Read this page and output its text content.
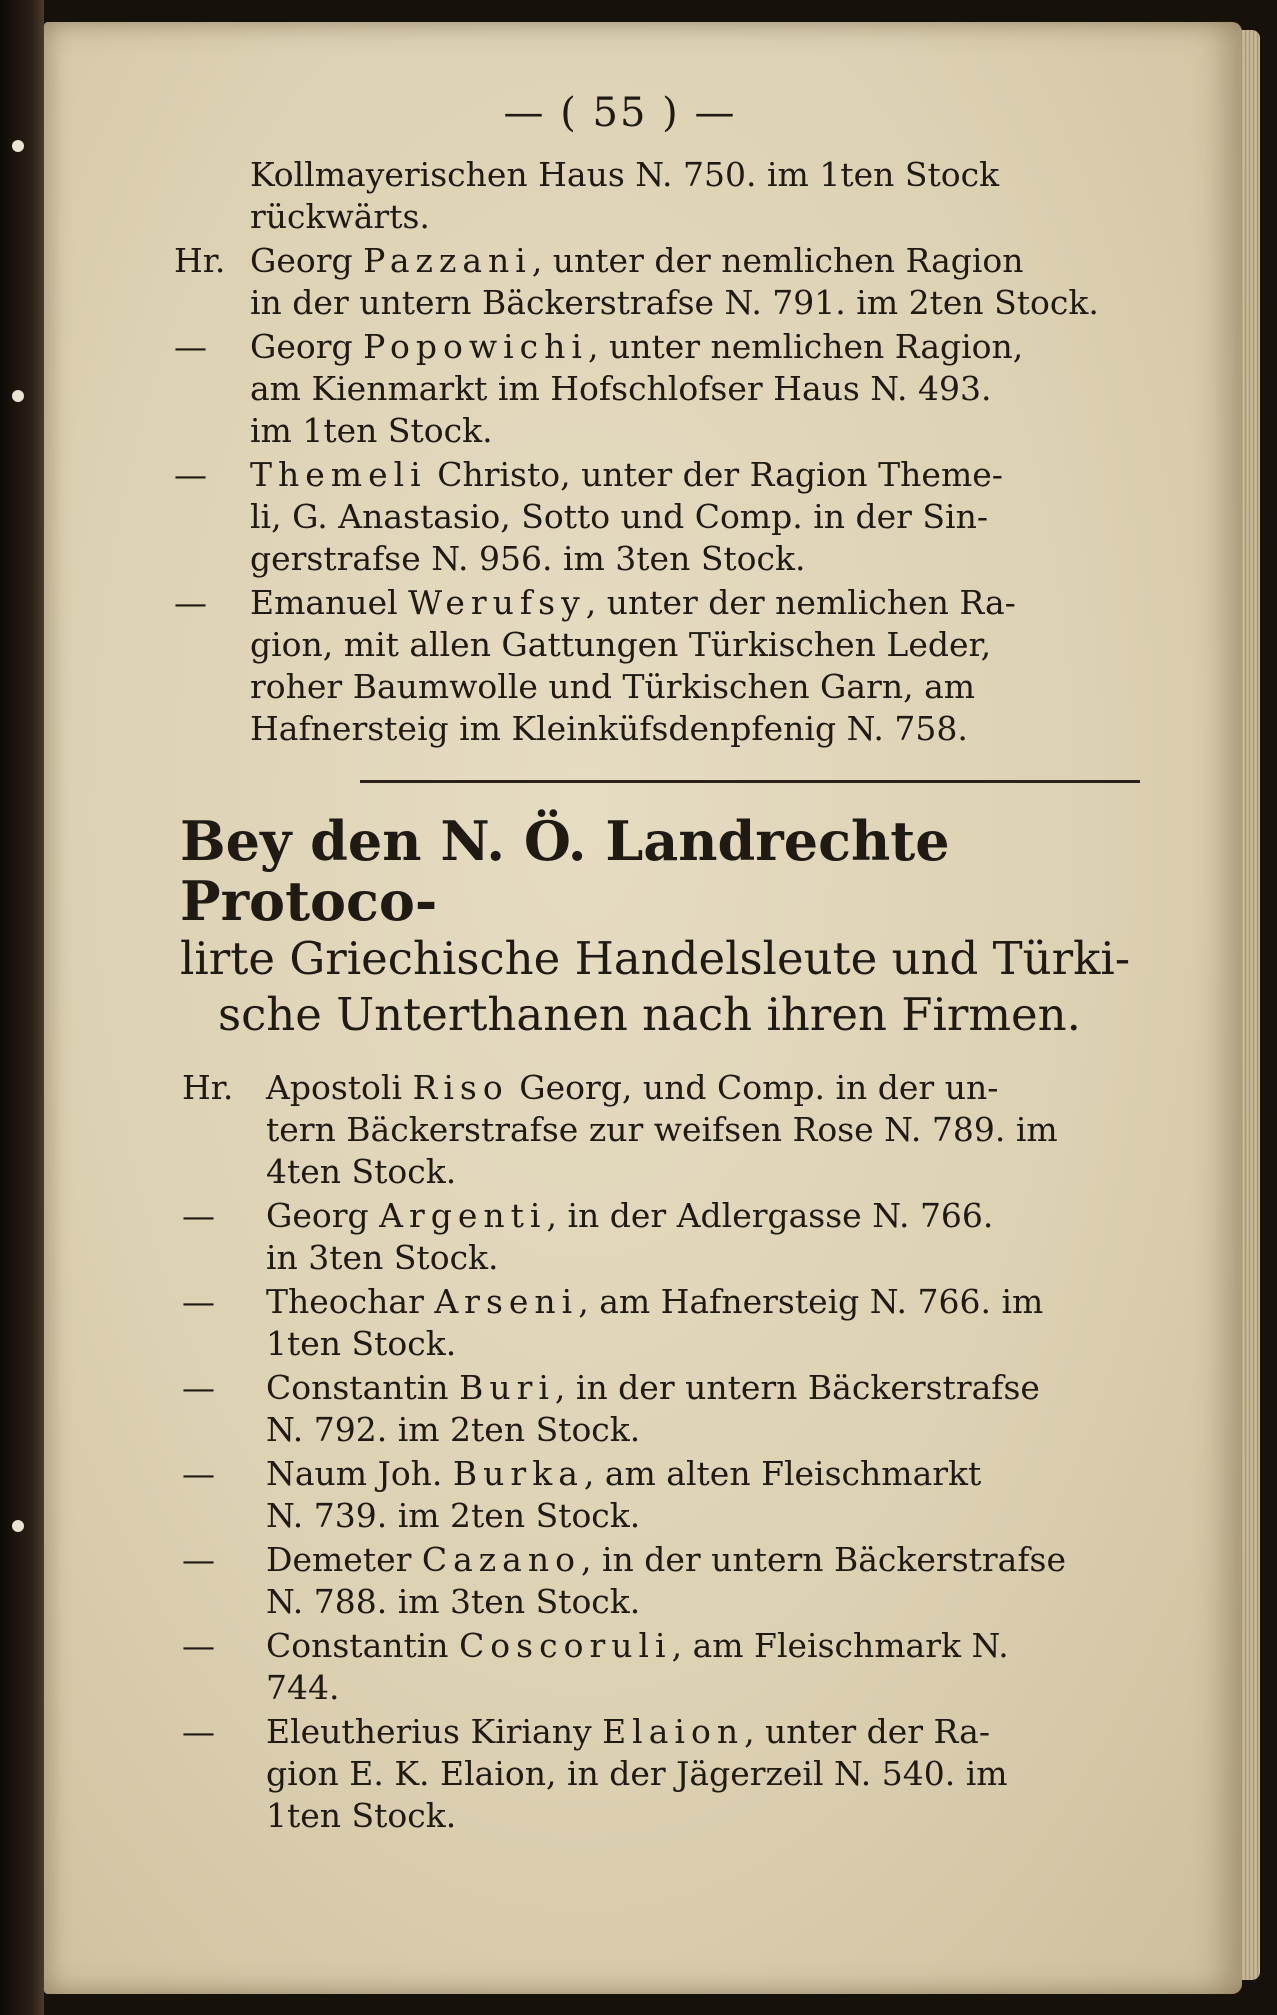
— ( 55 ) —
Kollmayerischen Haus N. 750. im 1ten Stock
rückwärts.
Hr. Georg Pazzani, unter der nemlichen Ragion
in der untern Bäckerstrafse N. 791. im 2ten Stock.
—	Georg Popowichi, unter nemlichen Ragion,
am Kienmarkt im Hofschlofser Haus N. 493.
im 1ten Stock.
—	Themeli Christo, unter der Ragion Theme-
li, G. Anastasio, Sotto und Comp. in der Sin-
gerstrafse N. 956. im 3ten Stock.
—	Emanuel Werufsy, unter der nemlichen Ra-
gion, mit allen Gattungen Türkischen Leder,
roher Baumwolle und Türkischen Garn, am
Hafnersteig im Kleinküfsdenpfenig N. 758.
Bey den N. Ö. Landrechte Protoco-
lirte Griechische Handelsleute und Türki-
sche Unterthanen nach ihren Firmen.
Hr. Apostoli Riso Georg, und Comp. in der un-
tern Bäckerstrafse zur weifsen Rose N. 789. im
4ten Stock.
—	Georg Argenti, in der Adlergasse N. 766.
in 3ten Stock.
—	Theochar Arseni, am Hafnersteig N. 766. im
1ten Stock.
—	Constantin Buri, in der untern Bäckerstrafse
N. 792. im 2ten Stock.
—	Naum Joh. Burka, am alten Fleischmarkt
N. 739. im 2ten Stock.
—	Demeter Cazano, in der untern Bäckerstrafse
N. 788. im 3ten Stock.
—	Constantin Coscoruli, am Fleischmark N.
744.
—	Eleutherius Kiriany Elaion, unter der Ra-
gion E. K. Elaion, in der Jägerzeil N. 540. im
1ten Stock.
